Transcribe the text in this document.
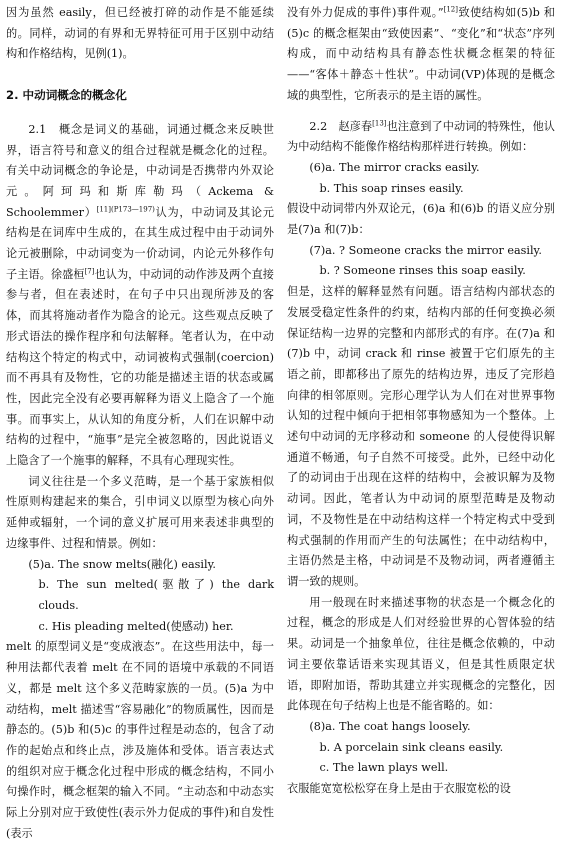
因为虽然 easily，但已经被打碎的动作是不能延续的。同样，动词的有界和无界特征可用于区别中动结构和作格结构，见例(1)。

2. 中动词概念的概念化

2.1　概念是词义的基础，词通过概念来反映世界，语言符号和意义的组合过程就是概念化的过程。有关中动词概念的争论是，中动词是否携带内外双论元。阿珂玛和斯库勒玛（Ackema & Schoolemmer）$^{[11](P173—197)}$认为，中动词及其论元结构是在词库中生成的，在其生成过程中由于动词外论元被删除，中动词变为一价动词，内论元外移作句子主语。徐盛桓[7]也认为，中动词的动作涉及两个直接参与者，但在表述时，在句子中只出现所涉及的客体，而其将施动者作为隐含的论元。这些观点反映了形式语法的操作程序和句法解释。笔者认为，在中动结构这个特定的构式中，动词被构式强制(coercion)而不再具有及物性，它的功能是描述主语的状态或属性，因此完全没有必要再解释为语义上隐含了一个施事。而事实上，从认知的角度分析，人们在识解中动结构的过程中，“施事”是完全被忽略的，因此说语义上隐含了一个施事的解释，不具有心理现实性。

词义往往是一个多义范畴，是一个基于家族相似性原则构建起来的集合，引申词义以原型为核心向外延伸或辐射，一个词的意义扩展可用来表述非典型的边缘事件、过程和情景。例如：

(5)a. The snow melts(融化) easily.

b. The sun melted(驱散了) the dark clouds.

c. His pleading melted(使感动) her.

melt 的原型词义是“变成液态”。在这些用法中，每一种用法都代表着 melt 在不同的语境中承载的不同语义，都是 melt 这个多义范畴家族的一员。(5)a 为中动结构，melt 描述雪“容易融化”的物质属性，因而是静态的。(5)b 和(5)c 的事件过程是动态的，包含了动作的起始点和终止点，涉及施体和受体。语言表达式的组织对应于概念化过程中形成的概念结构，不同小句操作时，概念框架的输入不同。“主动态和中动态实际上分别对应于致使性(表示外力促成的事件)和自发性(表示

没有外力促成的事件)事件观。”[12]致使结构如(5)b 和(5)c 的概念框架由“致使因素”、“变化”和“状态”序列构成，而中动结构具有静态性状概念框架的特征——“客体＋静态＋性状”。中动词(VP)体现的是概念域的典型性，它所表示的是主语的属性。

2.2　赵彦春[13]也注意到了中动词的特殊性，他认为中动结构不能像作格结构那样进行转换。例如：

(6)a. The mirror cracks easily.

b. This soap rinses easily.

假设中动词带内外双论元，(6)a 和(6)b 的语义应分别是(7)a 和(7)b：

(7)a. ? Someone cracks the mirror easily.

b. ? Someone rinses this soap easily.

但是，这样的解释显然有问题。语言结构内部状态的发展受稳定性条件的约束，结构内部的任何变换必须保证结构一边界的完整和内部形式的有序。在(7)a 和(7)b 中，动词 crack 和 rinse 被置于它们原先的主语之前，即都移出了原先的结构边界，违反了完形趋向律的相邻原则。完形心理学认为人们在对世界事物认知的过程中倾向于把相邻事物感知为一个整体。上述句中动词的无序移动和 someone 的人侵使得识解通道不畅通，句子自然不可接受。此外，已经中动化了的动词由于出现在这样的结构中，会被识解为及物动词。因此，笔者认为中动词的原型范畴是及物动词，不及物性是在中动结构这样一个特定构式中受到构式强制的作用而产生的句法属性；在中动结构中，主语仍然是主格，中动词是不及物动词，两者遵循主谓一致的规则。

用一般现在时来描述事物的状态是一个概念化的过程，概念的形成是人们对经验世界的心智体验的结果。动词是一个抽象单位，往往是概念依赖的，中动词主要依靠话语来实现其语义，但是其性质限定状语，即附加语，帮助其建立并实现概念的完整化，因此体现在句子结构上也是不能省略的。如：

(8)a. The coat hangs loosely.

b. A porcelain sink cleans easily.

c. The lawn plays well.

衣服能宽宽松松穿在身上是由于衣服宽松的设
